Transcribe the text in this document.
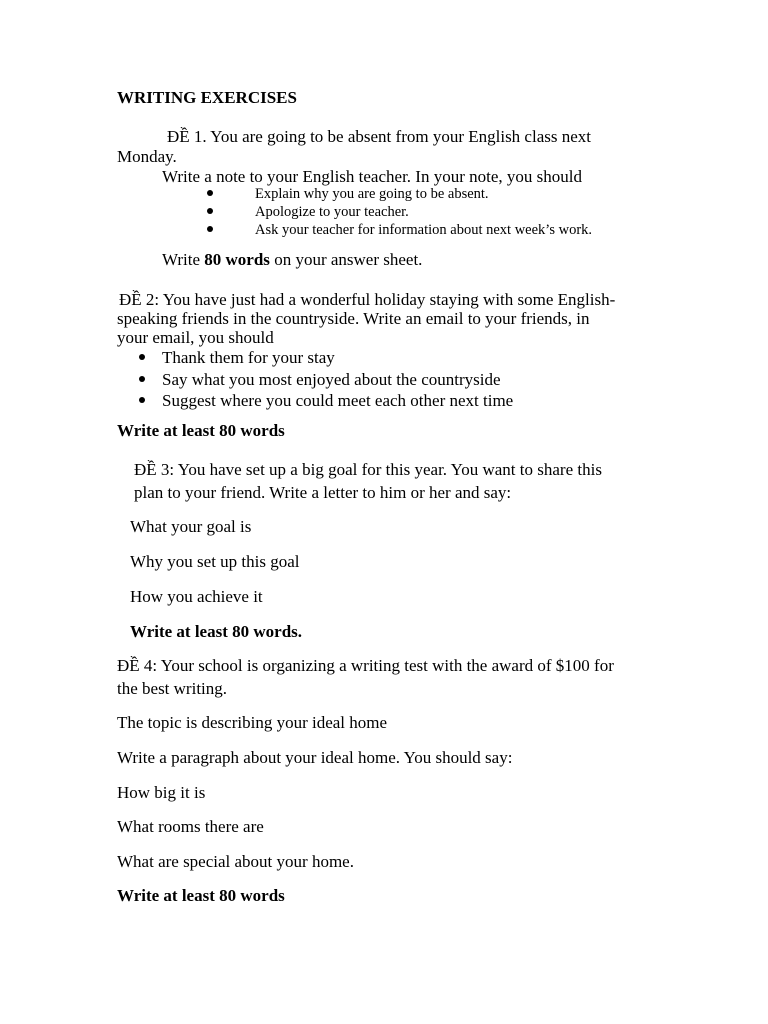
WRITING EXERCISES
ĐỀ 1. You are going to be absent from your English class next
Monday.
Write a note to your English teacher. In your note, you should
Explain why you are going to be absent.
Apologize to your teacher.
Ask your teacher for information about next week’s work.
Write 80 words on your answer sheet.
ĐỀ 2: You have just had a wonderful holiday staying with some English-
speaking friends in the countryside. Write an email to your friends, in
your email, you should
Thank them for your stay
Say what you most enjoyed about the countryside
Suggest where you could meet each other next time
Write at least 80 words
ĐỀ 3: You have set up a big goal for this year. You want to share this
plan to your friend. Write a letter to him or her and say:
What your goal is
Why you set up this goal
How you achieve it
Write at least 80 words.
ĐỀ 4: Your school is organizing a writing test with the award of $100 for
the best writing.
The topic is describing your ideal home
Write a paragraph about your ideal home. You should say:
How big it is
What rooms there are
What are special about your home.
Write at least 80 words
